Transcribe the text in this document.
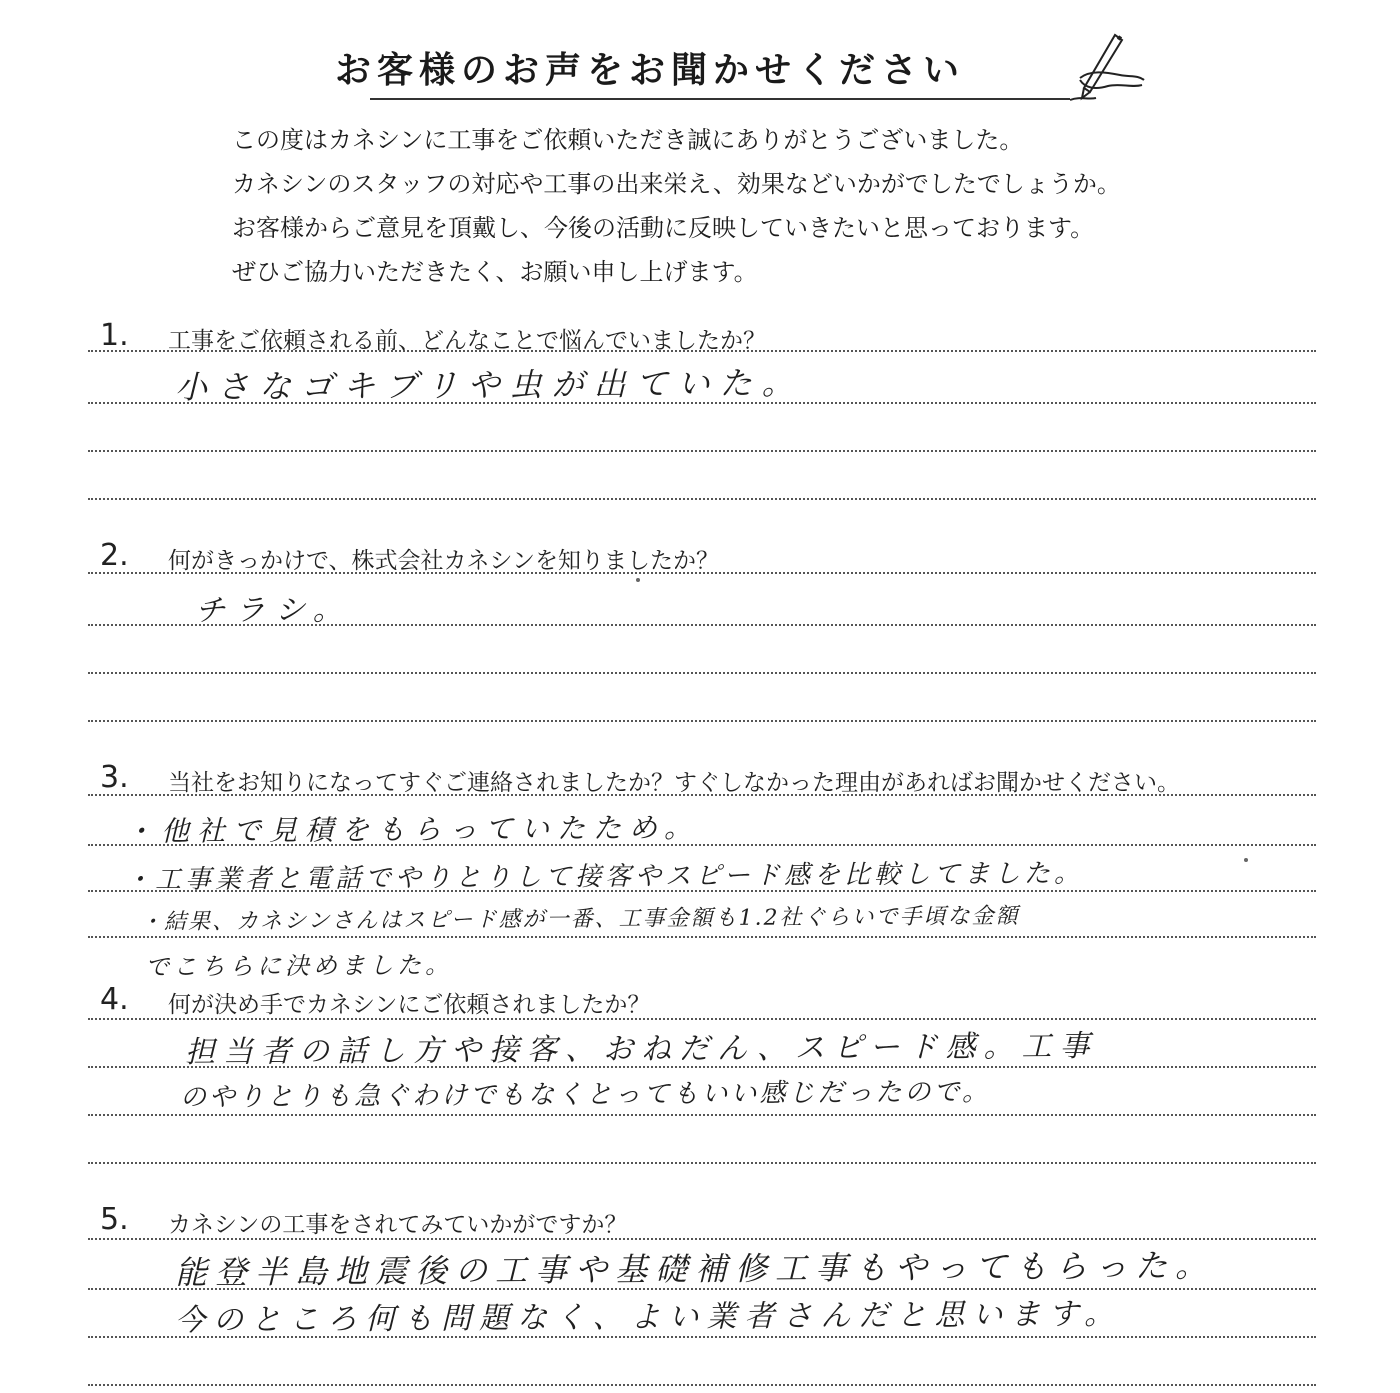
お客様のお声をお聞かせください
この度はカネシンに工事をご依頼いただき誠にありがとうございました。
カネシンのスタッフの対応や工事の出来栄え、効果などいかがでしたでしょうか。
お客様からご意見を頂戴し、今後の活動に反映していきたいと思っております。
ぜひご協力いただきたく、お願い申し上げます。
1. 工事をご依頼される前、どんなことで悩んでいましたか？
小さなゴキブリや虫が出ていた。
2. 何がきっかけで、株式会社カネシンを知りましたか？
チラシ。
3. 当社をお知りになってすぐご連絡されましたか？すぐしなかった理由があればお聞かせください。
・他社で見積をもらっていたため。
・工事業者と電話でやりとりして接客やスピード感を比較してました。
・結果、カネシンさんはスピード感が一番、工事金額も1.2社ぐらいで手頃な金額
でこちらに決めました。
4. 何が決め手でカネシンにご依頼されましたか？
担当者の話し方や接客、おねだん、スピード感。工事
のやりとりも急ぐわけでもなくとってもいい感じだったので。
5. カネシンの工事をされてみていかがですか？
能登半島地震後の工事や基礎補修工事もやってもらった。
今のところ何も問題なく、よい業者さんだと思います。
